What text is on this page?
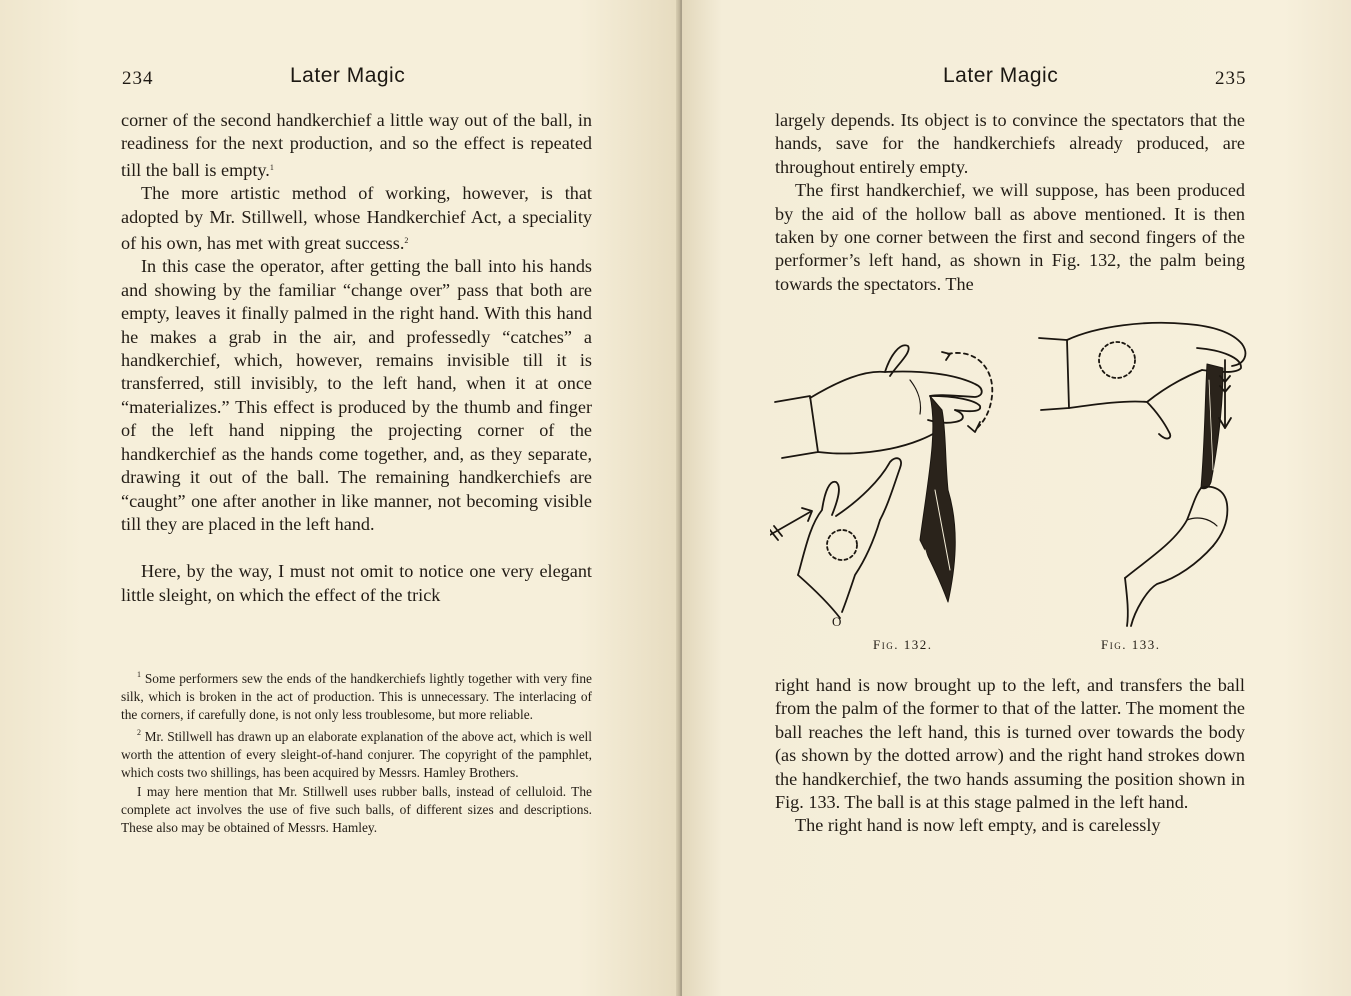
234	Later Magic

corner of the second handkerchief a little way out of the ball, in readiness for the next production, and so the effect is repeated till the ball is empty.$^1$

The more artistic method of working, however, is that adopted by Mr. Stillwell, whose Handkerchief Act, a speciality of his own, has met with great success.$^2$

In this case the operator, after getting the ball into his hands and showing by the familiar “change over” pass that both are empty, leaves it finally palmed in the right hand. With this hand he makes a grab in the air, and professedly “catches” a handkerchief, which, however, remains invisible till it is transferred, still invisibly, to the left hand, when it at once “materializes.” This effect is produced by the thumb and finger of the left hand nipping the projecting corner of the handkerchief as the hands come together, and, as they separate, drawing it out of the ball. The remaining handkerchiefs are “caught” one after another in like manner, not becoming visible till they are placed in the left hand.

Here, by the way, I must not omit to notice one very elegant little sleight, on which the effect of the trick

$^1$ Some performers sew the ends of the handkerchiefs lightly together with very fine silk, which is broken in the act of production. This is unnecessary. The interlacing of the corners, if carefully done, is not only less troublesome, but more reliable.

$^2$ Mr. Stillwell has drawn up an elaborate explanation of the above act, which is well worth the attention of every sleight-of-hand conjurer. The copyright of the pamphlet, which costs two shillings, has been acquired by Messrs. Hamley Brothers.

I may here mention that Mr. Stillwell uses rubber balls, instead of celluloid. The complete act involves the use of five such balls, of different sizes and descriptions. These also may be obtained of Messrs. Hamley.

Later Magic	235

largely depends. Its object is to convince the spectators that the hands, save for the handkerchiefs already produced, are throughout entirely empty.

The first handkerchief, we will suppose, has been produced by the aid of the hollow ball as above mentioned. It is then taken by one corner between the first and second fingers of the performer’s left hand, as shown in Fig. 132, the palm being towards the spectators. The

O
Fig. 132.	Fig. 133.

right hand is now brought up to the left, and transfers the ball from the palm of the former to that of the latter. The moment the ball reaches the left hand, this is turned over towards the body (as shown by the dotted arrow) and the right hand strokes down the handkerchief, the two hands assuming the position shown in Fig. 133. The ball is at this stage palmed in the left hand.

The right hand is now left empty, and is carelessly
